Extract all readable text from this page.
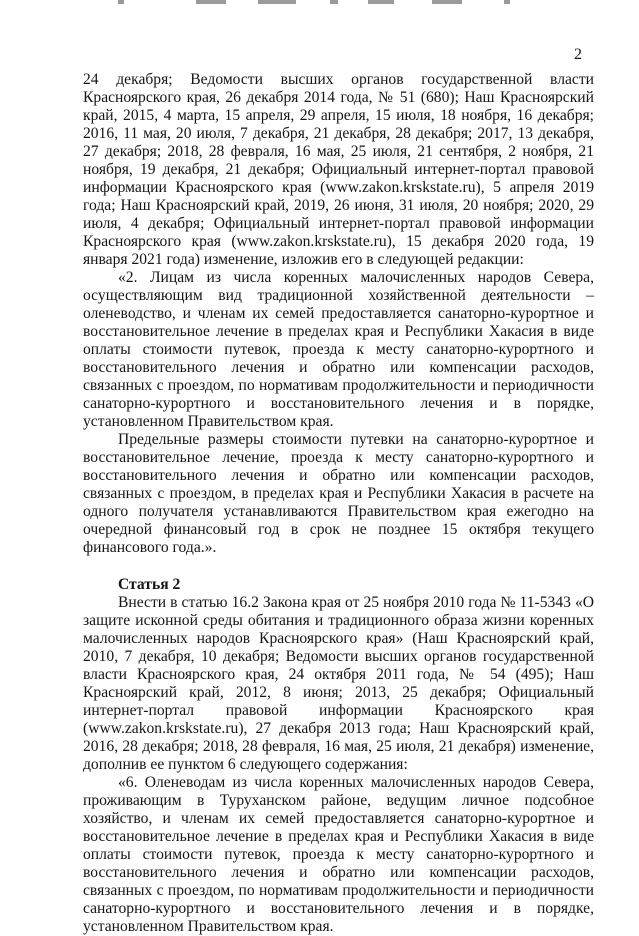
2

24 декабря; Ведомости высших органов государственной власти Красноярского края, 26 декабря 2014 года, № 51 (680); Наш Красноярский край, 2015, 4 марта, 15 апреля, 29 апреля, 15 июля, 18 ноября, 16 декабря; 2016, 11 мая, 20 июля, 7 декабря, 21 декабря, 28 декабря; 2017, 13 декабря, 27 декабря; 2018, 28 февраля, 16 мая, 25 июля, 21 сентября, 2 ноября, 21 ноября, 19 декабря, 21 декабря; Официальный интернет-портал правовой информации Красноярского края (www.zakon.krskstate.ru), 5 апреля 2019 года; Наш Красноярский край, 2019, 26 июня, 31 июля, 20 ноября; 2020, 29 июля, 4 декабря; Официальный интернет-портал правовой информации Красноярского края (www.zakon.krskstate.ru), 15 декабря 2020 года, 19 января 2021 года) изменение, изложив его в следующей редакции:

«2. Лицам из числа коренных малочисленных народов Севера, осуществляющим вид традиционной хозяйственной деятельности – оленеводство, и членам их семей предоставляется санаторно-курортное и восстановительное лечение в пределах края и Республики Хакасия в виде оплаты стоимости путевок, проезда к месту санаторно-курортного и восстановительного лечения и обратно или компенсации расходов, связанных с проездом, по нормативам продолжительности и периодичности санаторно-курортного и восстановительного лечения и в порядке, установленном Правительством края.

Предельные размеры стоимости путевки на санаторно-курортное и восстановительное лечение, проезда к месту санаторно-курортного и восстановительного лечения и обратно или компенсации расходов, связанных с проездом, в пределах края и Республики Хакасия в расчете на одного получателя устанавливаются Правительством края ежегодно на очередной финансовый год в срок не позднее 15 октября текущего финансового года.».

Статья 2

Внести в статью 16.2 Закона края от 25 ноября 2010 года № 11-5343 «О защите исконной среды обитания и традиционного образа жизни коренных малочисленных народов Красноярского края» (Наш Красноярский край, 2010, 7 декабря, 10 декабря; Ведомости высших органов государственной власти Красноярского края, 24 октября 2011 года, № 54 (495); Наш Красноярский край, 2012, 8 июня; 2013, 25 декабря; Официальный интернет-портал правовой информации Красноярского края (www.zakon.krskstate.ru), 27 декабря 2013 года; Наш Красноярский край, 2016, 28 декабря; 2018, 28 февраля, 16 мая, 25 июля, 21 декабря) изменение, дополнив ее пунктом 6 следующего содержания:

«6. Оленеводам из числа коренных малочисленных народов Севера, проживающим в Туруханском районе, ведущим личное подсобное хозяйство, и членам их семей предоставляется санаторно-курортное и восстановительное лечение в пределах края и Республики Хакасия в виде оплаты стоимости путевок, проезда к месту санаторно-курортного и восстановительного лечения и обратно или компенсации расходов, связанных с проездом, по нормативам продолжительности и периодичности санаторно-курортного и восстановительного лечения и в порядке, установленном Правительством края.
